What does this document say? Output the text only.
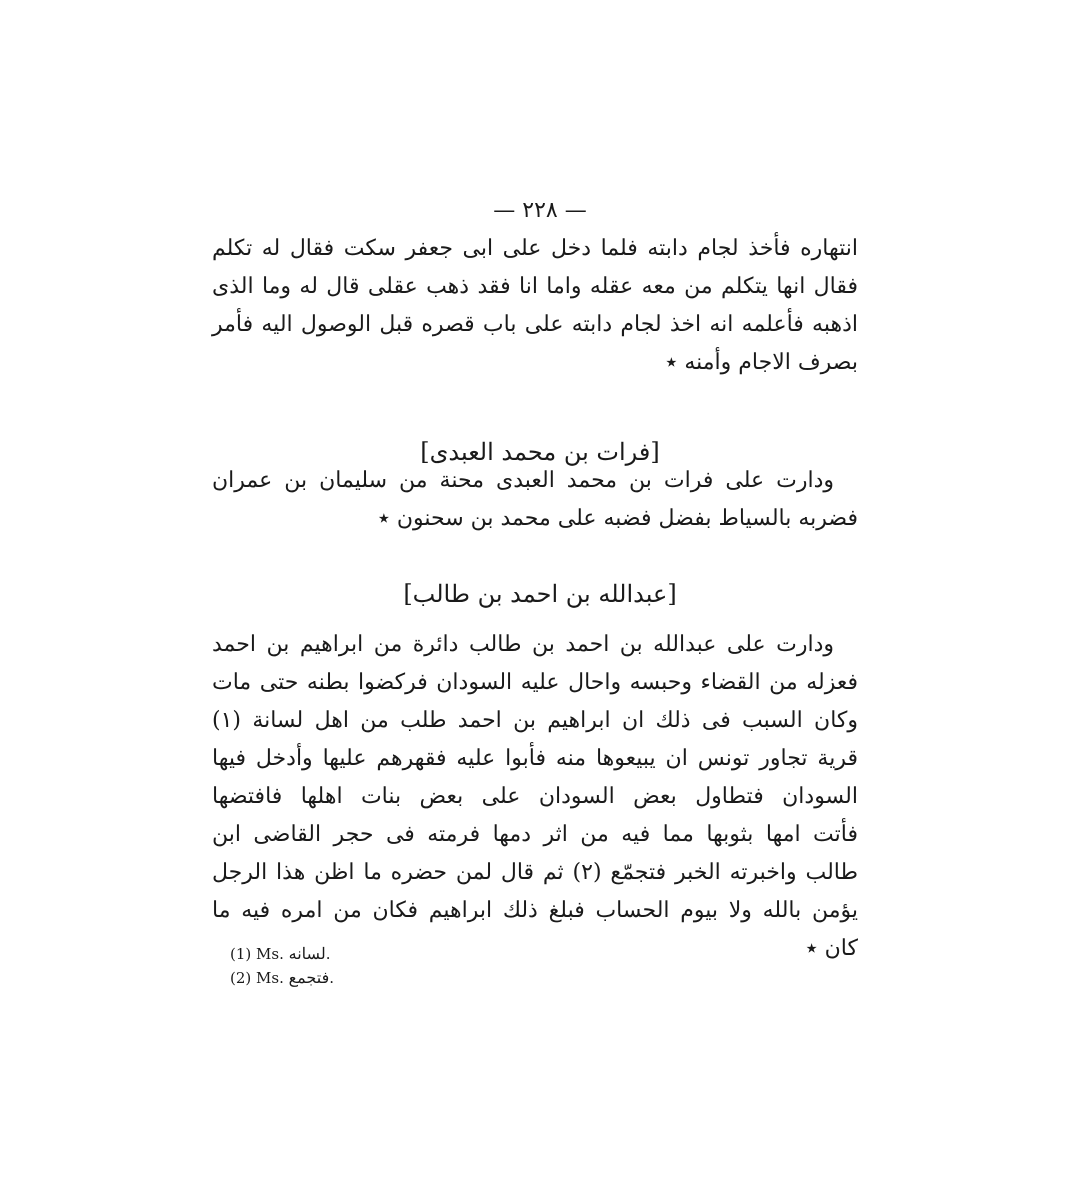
— ٢٢٨ —
انتهاره فأخذ لجام دابته فلما دخل على ابى جعفر سكت فقال له تكلم
فقال انها يتكلم من معه عقله واما انا فقد ذهب عقلى قال له وما الذى
اذهبه فأعلمه انه اخذ لجام دابته على باب قصره قبل الوصول اليه فأمر
بصرف الاجام وأمنه ٭
[فرات بن محمد العبدى]
ودارت على فرات بن محمد العبدى محنة من سليمان بن عمران
فضربه بالسياط بفضل فضبه على محمد بن سحنون ٭
[عبدالله بن احمد بن طالب]
ودارت على عبدالله بن احمد بن طالب دائرة من ابراهيم بن احمد
فعزله من القضاء وحبسه واحال عليه السودان فركضوا بطنه حتى مات
وكان السبب فى ذلك ان ابراهيم بن احمد طلب من اهل لسانة (١)
قرية تجاور تونس ان يبيعوها منه فأبوا عليه فقهرهم عليها وأدخل فيها
السودان فتطاول بعض السودان على بعض بنات اهلها فافتضها
فأتت امها بثوبها مما فيه من اثر دمها فرمته فى حجر القاضى ابن
طالب واخبرته الخبر فتجمّع (٢) ثم قال لمن حضره ما اظن هذا الرجل
يؤمن بالله ولا بيوم الحساب فبلغ ذلك ابراهيم فكان من امره فيه ما
كان ٭
(1) Ms. لسانه.
(2) Ms. فتجمع.
